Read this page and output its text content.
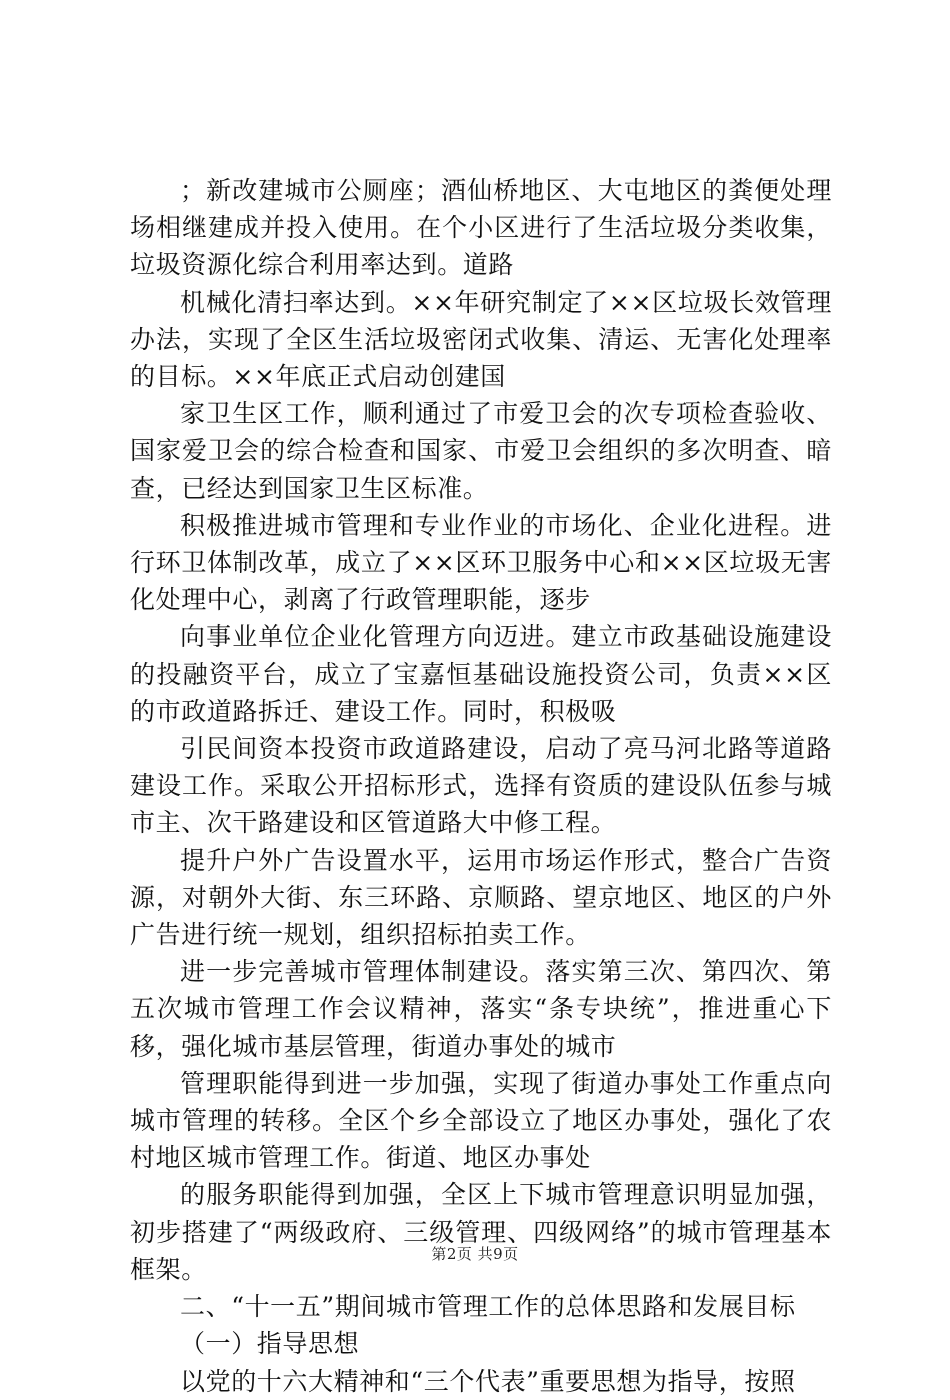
；新改建城市公厕座；酒仙桥地区、大屯地区的粪便处理场相继建成并投入使用。在个小区进行了生活垃圾分类收集，垃圾资源化综合利用率达到。道路

机械化清扫率达到。××年研究制定了××区垃圾长效管理办法，实现了全区生活垃圾密闭式收集、清运、无害化处理率的目标。××年底正式启动创建国

家卫生区工作，顺利通过了市爱卫会的次专项检查验收、国家爱卫会的综合检查和国家、市爱卫会组织的多次明查、暗查，已经达到国家卫生区标准。

积极推进城市管理和专业作业的市场化、企业化进程。进行环卫体制改革，成立了××区环卫服务中心和××区垃圾无害化处理中心，剥离了行政管理职能，逐步

向事业单位企业化管理方向迈进。建立市政基础设施建设的投融资平台，成立了宝嘉恒基础设施投资公司，负责××区的市政道路拆迁、建设工作。同时，积极吸

引民间资本投资市政道路建设，启动了亮马河北路等道路建设工作。采取公开招标形式，选择有资质的建设队伍参与城市主、次干路建设和区管道路大中修工程。

提升户外广告设置水平，运用市场运作形式，整合广告资源，对朝外大街、东三环路、京顺路、望京地区、地区的户外广告进行统一规划，组织招标拍卖工作。

进一步完善城市管理体制建设。落实第三次、第四次、第五次城市管理工作会议精神，落实“条专块统”，推进重心下移，强化城市基层管理，街道办事处的城市

管理职能得到进一步加强，实现了街道办事处工作重点向城市管理的转移。全区个乡全部设立了地区办事处，强化了农村地区城市管理工作。街道、地区办事处

的服务职能得到加强，全区上下城市管理意识明显加强，初步搭建了“两级政府、三级管理、四级网络”的城市管理基本框架。

二、“十一五”期间城市管理工作的总体思路和发展目标

（一）指导思想

以党的十六大精神和“三个代表”重要思想为指导，按照

第2页 共9页
